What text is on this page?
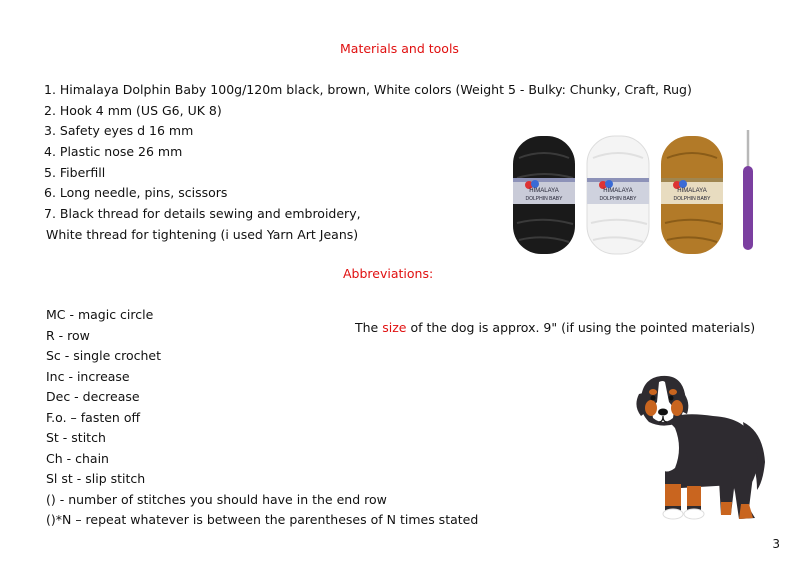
Materials and tools
1. Himalaya Dolphin Baby 100g/120m black, brown, White colors (Weight 5 - Bulky: Chunky, Craft, Rug)
2. Hook 4 mm (US G6, UK 8)
3. Safety eyes d 16 mm
4. Plastic nose 26 mm
5. Fiberfill
6. Long needle, pins, scissors
7. Black thread for details sewing and embroidery,
White thread for tightening (i used Yarn Art Jeans)
HIMALAYA
DOLPHIN BABY
HIMALAYA
DOLPHIN BABY
HIMALAYA
DOLPHIN BABY
Abbreviations:
MC - magic circle
R - row
Sc - single crochet
Inc - increase
Dec - decrease
F.o. – fasten off
St - stitch
Ch - chain
Sl st - slip stitch
() - number of stitches you should have in the end row
()*N – repeat whatever is between the parentheses of N times stated
The size of the dog is approx. 9" (if using the pointed materials)
3
